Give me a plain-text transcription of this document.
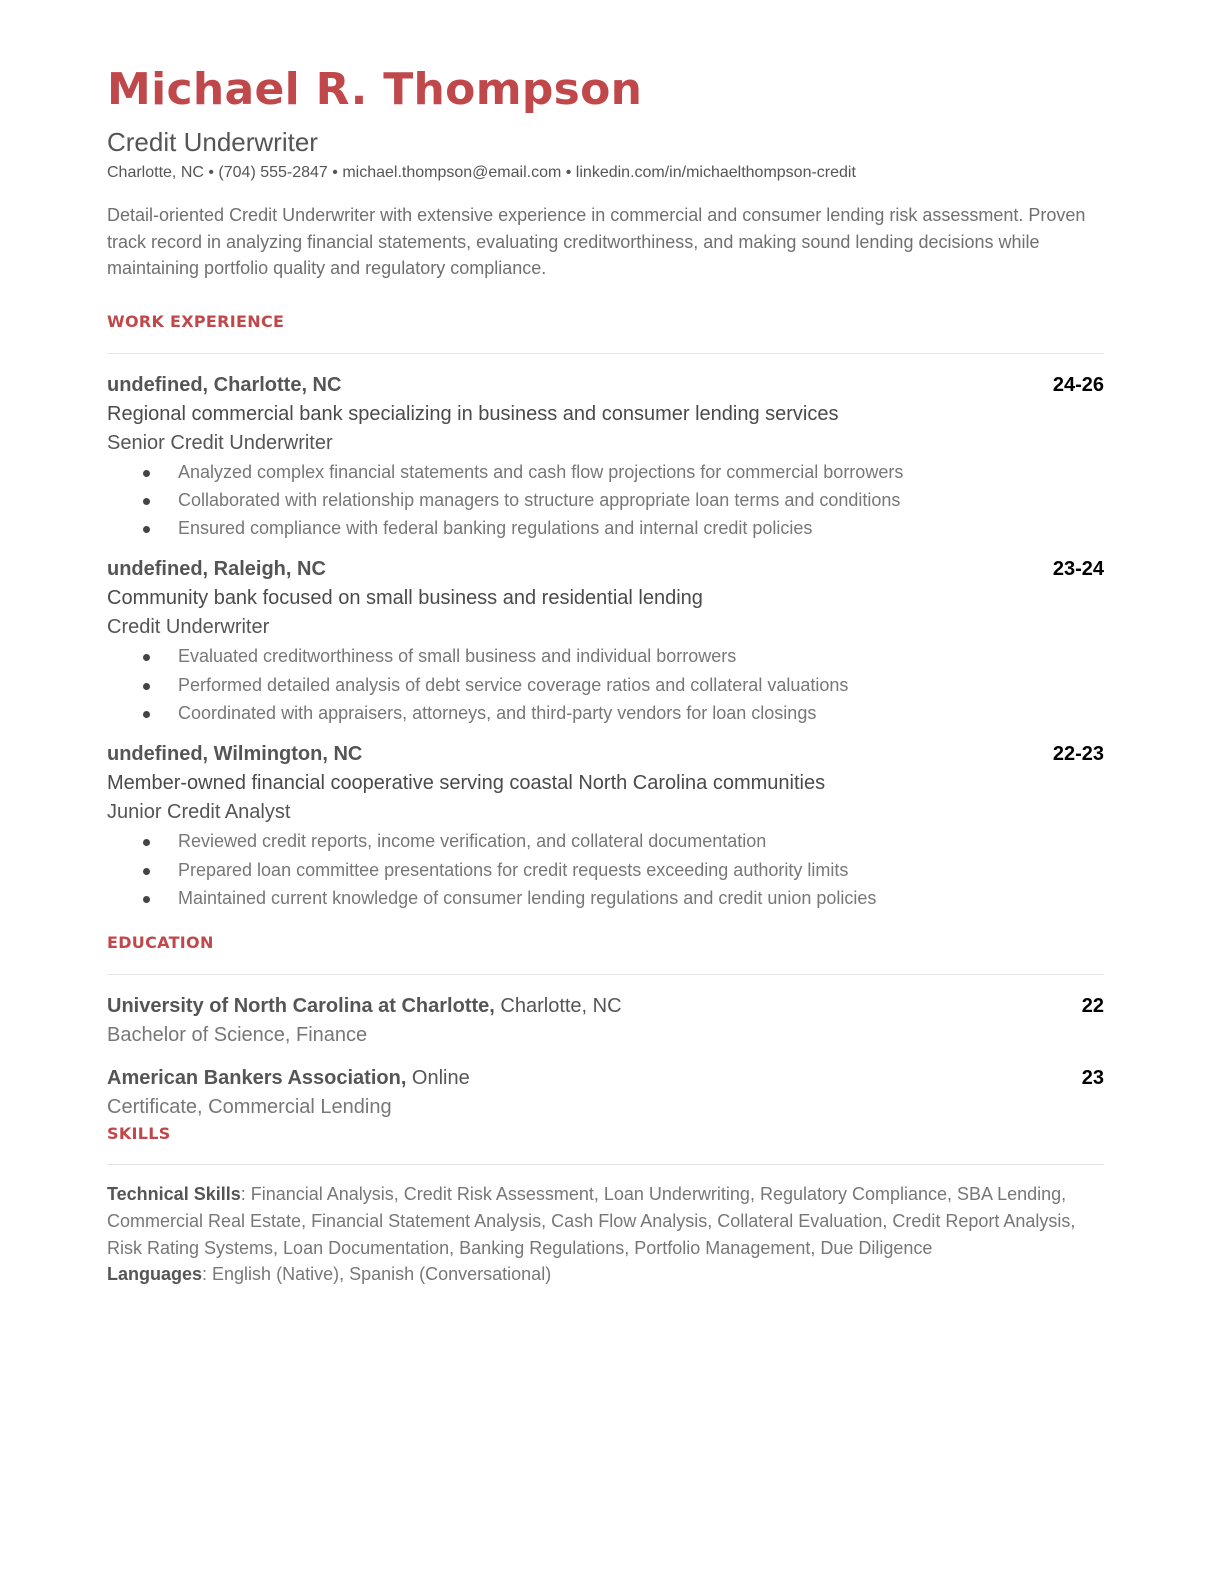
Michael R. Thompson
Credit Underwriter
Charlotte, NC • (704) 555-2847 • michael.thompson@email.com • linkedin.com/in/michaelthompson-credit
Detail-oriented Credit Underwriter with extensive experience in commercial and consumer lending risk assessment. Proven track record in analyzing financial statements, evaluating creditworthiness, and making sound lending decisions while maintaining portfolio quality and regulatory compliance.
WORK EXPERIENCE
undefined, Charlotte, NC	24-26
Regional commercial bank specializing in business and consumer lending services
Senior Credit Underwriter
Analyzed complex financial statements and cash flow projections for commercial borrowers
Collaborated with relationship managers to structure appropriate loan terms and conditions
Ensured compliance with federal banking regulations and internal credit policies
undefined, Raleigh, NC	23-24
Community bank focused on small business and residential lending
Credit Underwriter
Evaluated creditworthiness of small business and individual borrowers
Performed detailed analysis of debt service coverage ratios and collateral valuations
Coordinated with appraisers, attorneys, and third-party vendors for loan closings
undefined, Wilmington, NC	22-23
Member-owned financial cooperative serving coastal North Carolina communities
Junior Credit Analyst
Reviewed credit reports, income verification, and collateral documentation
Prepared loan committee presentations for credit requests exceeding authority limits
Maintained current knowledge of consumer lending regulations and credit union policies
EDUCATION
University of North Carolina at Charlotte, Charlotte, NC	22
Bachelor of Science, Finance
American Bankers Association, Online	23
Certificate, Commercial Lending
SKILLS
Technical Skills: Financial Analysis, Credit Risk Assessment, Loan Underwriting, Regulatory Compliance, SBA Lending, Commercial Real Estate, Financial Statement Analysis, Cash Flow Analysis, Collateral Evaluation, Credit Report Analysis, Risk Rating Systems, Loan Documentation, Banking Regulations, Portfolio Management, Due Diligence
Languages: English (Native), Spanish (Conversational)
